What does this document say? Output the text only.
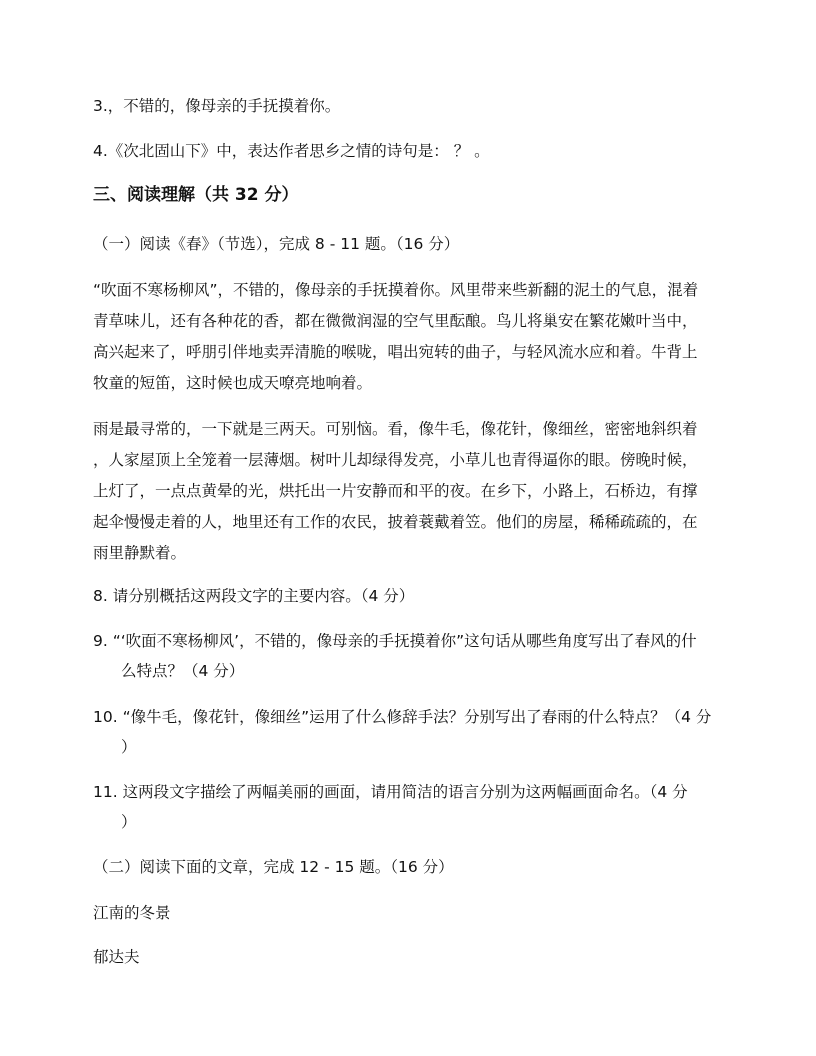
3.，不错的，像母亲的手抚摸着你。
4.《次北固山下》中，表达作者思乡之情的诗句是： ？ 。
三、阅读理解（共 32 分）
（一）阅读《春》（节选），完成 8 - 11 题。（16 分）
“吹面不寒杨柳风”，不错的，像母亲的手抚摸着你。风里带来些新翻的泥土的气息，混着
青草味儿，还有各种花的香，都在微微润湿的空气里酝酿。鸟儿将巢安在繁花嫩叶当中，
高兴起来了，呼朋引伴地卖弄清脆的喉咙，唱出宛转的曲子，与轻风流水应和着。牛背上
牧童的短笛，这时候也成天嘹亮地响着。
雨是最寻常的，一下就是三两天。可别恼。看，像牛毛，像花针，像细丝，密密地斜织着
，人家屋顶上全笼着一层薄烟。树叶儿却绿得发亮，小草儿也青得逼你的眼。傍晚时候，
上灯了，一点点黄晕的光，烘托出一片安静而和平的夜。在乡下，小路上，石桥边，有撑
起伞慢慢走着的人，地里还有工作的农民，披着蓑戴着笠。他们的房屋，稀稀疏疏的，在
雨里静默着。
8. 请分别概括这两段文字的主要内容。（4 分）
9. “‘吹面不寒杨柳风’，不错的，像母亲的手抚摸着你”这句话从哪些角度写出了春风的什
么特点？（4 分）
10. “像牛毛，像花针，像细丝”运用了什么修辞手法？分别写出了春雨的什么特点？（4 分
）
11. 这两段文字描绘了两幅美丽的画面，请用简洁的语言分别为这两幅画面命名。（4 分
）
（二）阅读下面的文章，完成 12 - 15 题。（16 分）
江南的冬景
郁达夫
